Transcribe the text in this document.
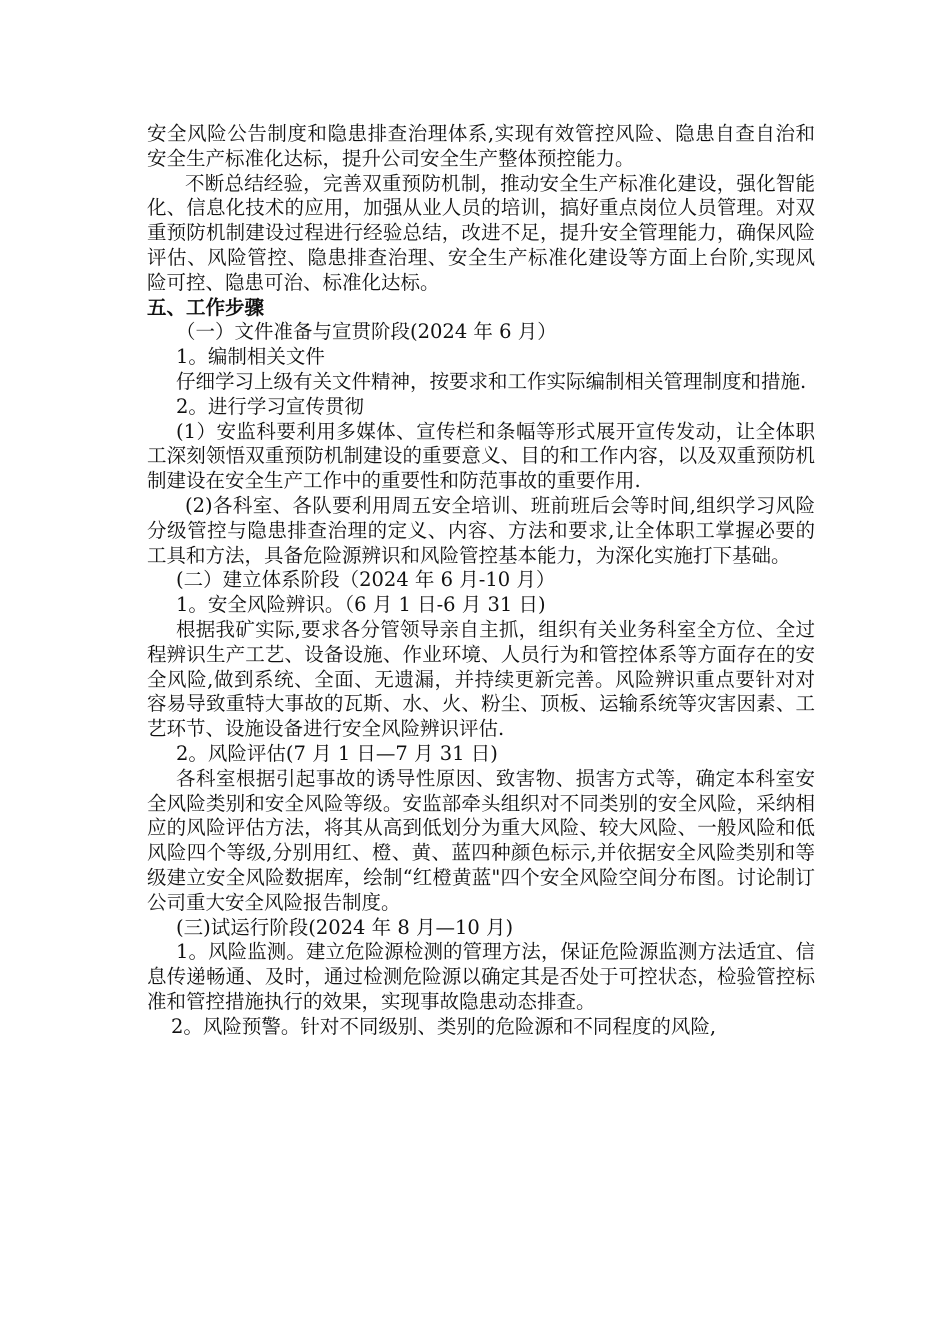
安全风险公告制度和隐患排查治理体系,实现有效管控风险、隐患自查自治和安全生产标准化达标，提升公司安全生产整体预控能力。

不断总结经验，完善双重预防机制，推动安全生产标准化建设，强化智能化、信息化技术的应用，加强从业人员的培训，搞好重点岗位人员管理。对双重预防机制建设过程进行经验总结，改进不足，提升安全管理能力，确保风险评估、风险管控、隐患排查治理、安全生产标准化建设等方面上台阶,实现风险可控、隐患可治、标准化达标。

五、工作步骤

（一）文件准备与宣贯阶段(2024 年 6 月）

1。编制相关文件

仔细学习上级有关文件精神，按要求和工作实际编制相关管理制度和措施.

2。进行学习宣传贯彻

(1）安监科要利用多媒体、宣传栏和条幅等形式展开宣传发动，让全体职工深刻领悟双重预防机制建设的重要意义、目的和工作内容，以及双重预防机制建设在安全生产工作中的重要性和防范事故的重要作用.

(2)各科室、各队要利用周五安全培训、班前班后会等时间,组织学习风险分级管控与隐患排查治理的定义、内容、方法和要求,让全体职工掌握必要的工具和方法，具备危险源辨识和风险管控基本能力，为深化实施打下基础。

(二）建立体系阶段（2024 年 6 月-10 月）

1。安全风险辨识。（6 月 1 日-6 月 31 日)

根据我矿实际,要求各分管领导亲自主抓，组织有关业务科室全方位、全过程辨识生产工艺、设备设施、作业环境、人员行为和管控体系等方面存在的安全风险,做到系统、全面、无遗漏，并持续更新完善。风险辨识重点要针对对容易导致重特大事故的瓦斯、水、火、粉尘、顶板、运输系统等灾害因素、工艺环节、设施设备进行安全风险辨识评估.

2。风险评估(7 月 1 日—7 月 31 日)

各科室根据引起事故的诱导性原因、致害物、损害方式等，确定本科室安全风险类别和安全风险等级。安监部牵头组织对不同类别的安全风险，采纳相应的风险评估方法，将其从高到低划分为重大风险、较大风险、一般风险和低风险四个等级,分别用红、橙、黄、蓝四种颜色标示,并依据安全风险类别和等级建立安全风险数据库，绘制“红橙黄蓝"四个安全风险空间分布图。讨论制订公司重大安全风险报告制度。

(三)试运行阶段(2024 年 8 月—10 月)

1。风险监测。建立危险源检测的管理方法，保证危险源监测方法适宜、信息传递畅通、及时，通过检测危险源以确定其是否处于可控状态，检验管控标准和管控措施执行的效果，实现事故隐患动态排查。

2。风险预警。针对不同级别、类别的危险源和不同程度的风险,
